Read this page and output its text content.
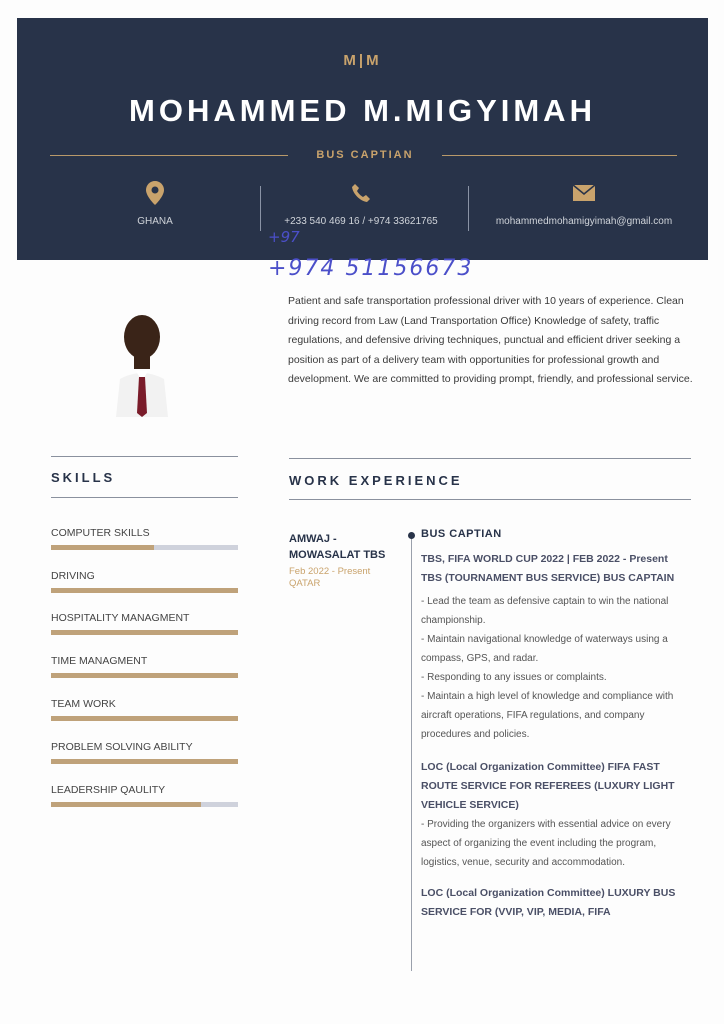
M|M
MOHAMMED M.MIGYIMAH
BUS CAPTIAN
GHANA	+233 540 469 16 / +974 33621765	mohammedmohamigyimah@gmail.com
+97
+974 51156673
Patient and safe transportation professional driver with 10 years of experience. Clean driving record from Law (Land Transportation Office) Knowledge of safety, traffic regulations, and defensive driving techniques, punctual and efficient driver seeking a position as part of a delivery team with opportunities for professional growth and development. We are committed to providing prompt, friendly, and professional service.
SKILLS
COMPUTER SKILLS
DRIVING
HOSPITALITY MANAGMENT
TIME MANAGMENT
TEAM WORK
PROBLEM SOLVING ABILITY
LEADERSHIP QAULITY
WORK EXPERIENCE
AMWAJ - MOWASALAT TBS
Feb 2022 - Present
QATAR
BUS CAPTIAN
TBS, FIFA WORLD CUP 2022 | FEB 2022 - Present
TBS (TOURNAMENT BUS SERVICE) BUS CAPTAIN
- Lead the team as defensive captain to win the national championship.
- Maintain navigational knowledge of waterways using a compass, GPS, and radar.
- Responding to any issues or complaints.
- Maintain a high level of knowledge and compliance with aircraft operations, FIFA regulations, and company procedures and policies.
LOC (Local Organization Committee) FIFA FAST ROUTE SERVICE FOR REFEREES (LUXURY LIGHT VEHICLE SERVICE)
- Providing the organizers with essential advice on every aspect of organizing the event including the program, logistics, venue, security and accommodation.
LOC (Local Organization Committee) LUXURY BUS SERVICE FOR (VVIP, VIP, MEDIA, FIFA
